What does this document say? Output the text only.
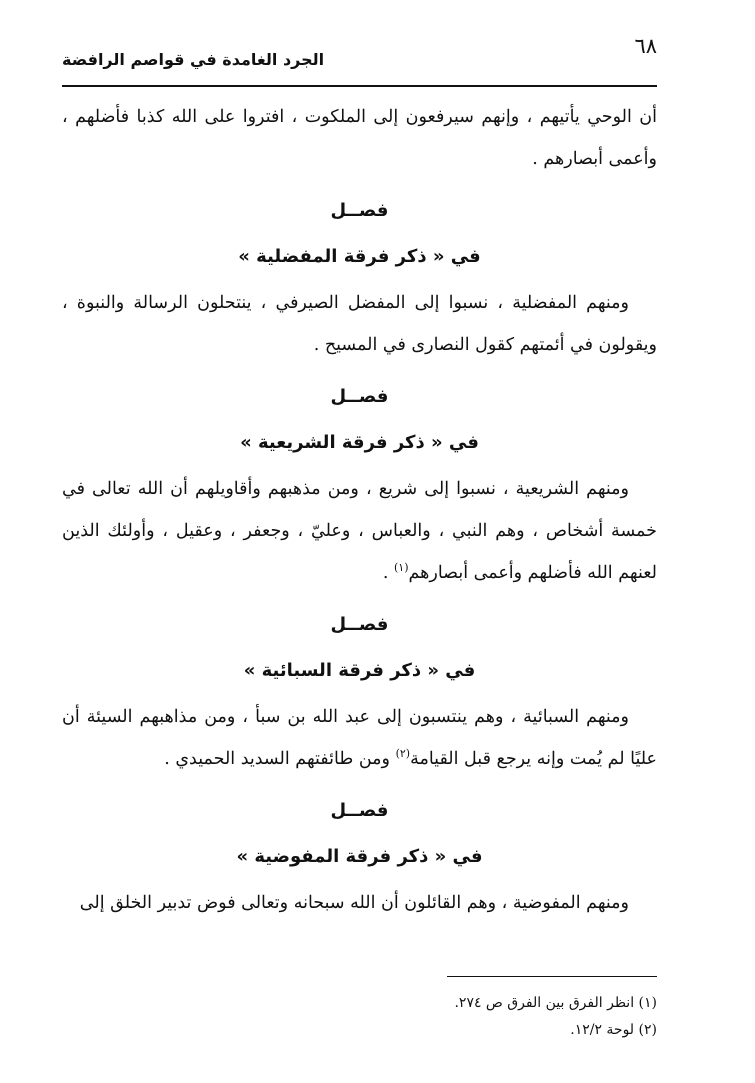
٦٨
الجرد الغامدة في قواصم الرافضة

أن الوحي يأتيهم ، وإنهم سيرفعون إلى الملكوت ، افتروا على الله كذبا فأضلهم ، وأعمى أبصارهم .

فصــل

في « ذكر فرقة المفضلية »

ومنهم المفضلية ، نسبوا إلى المفضل الصيرفي ، ينتحلون الرسالة والنبوة ، ويقولون في أئمتهم كقول النصارى في المسيح .

فصــل

في « ذكر فرقة الشريعية »

ومنهم الشريعية ، نسبوا إلى شريع ، ومن مذهبهم وأقاويلهم أن الله تعالى في خمسة أشخاص ، وهم النبي ، والعباس ، وعليّ ، وجعفر ، وعقيل ، وأولئك الذين لعنهم الله فأضلهم وأعمى أبصارهم$^{(١)}$ .

فصــل

في « ذكر فرقة السبائية »

ومنهم السبائية ، وهم ينتسبون إلى عبد الله بن سبأ ، ومن مذاهبهم السيئة أن عليًا لم يُمت وإنه يرجع قبل القيامة$^{(٢)}$ ومن طائفتهم السديد الحميدي .

فصــل

في « ذكر فرقة المفوضية »

ومنهم المفوضية ، وهم القائلون أن الله سبحانه وتعالى فوض تدبير الخلق إلى

(١) انظر الفرق بين الفرق ص ٢٧٤.

(٢) لوحة ١٢/٢.
